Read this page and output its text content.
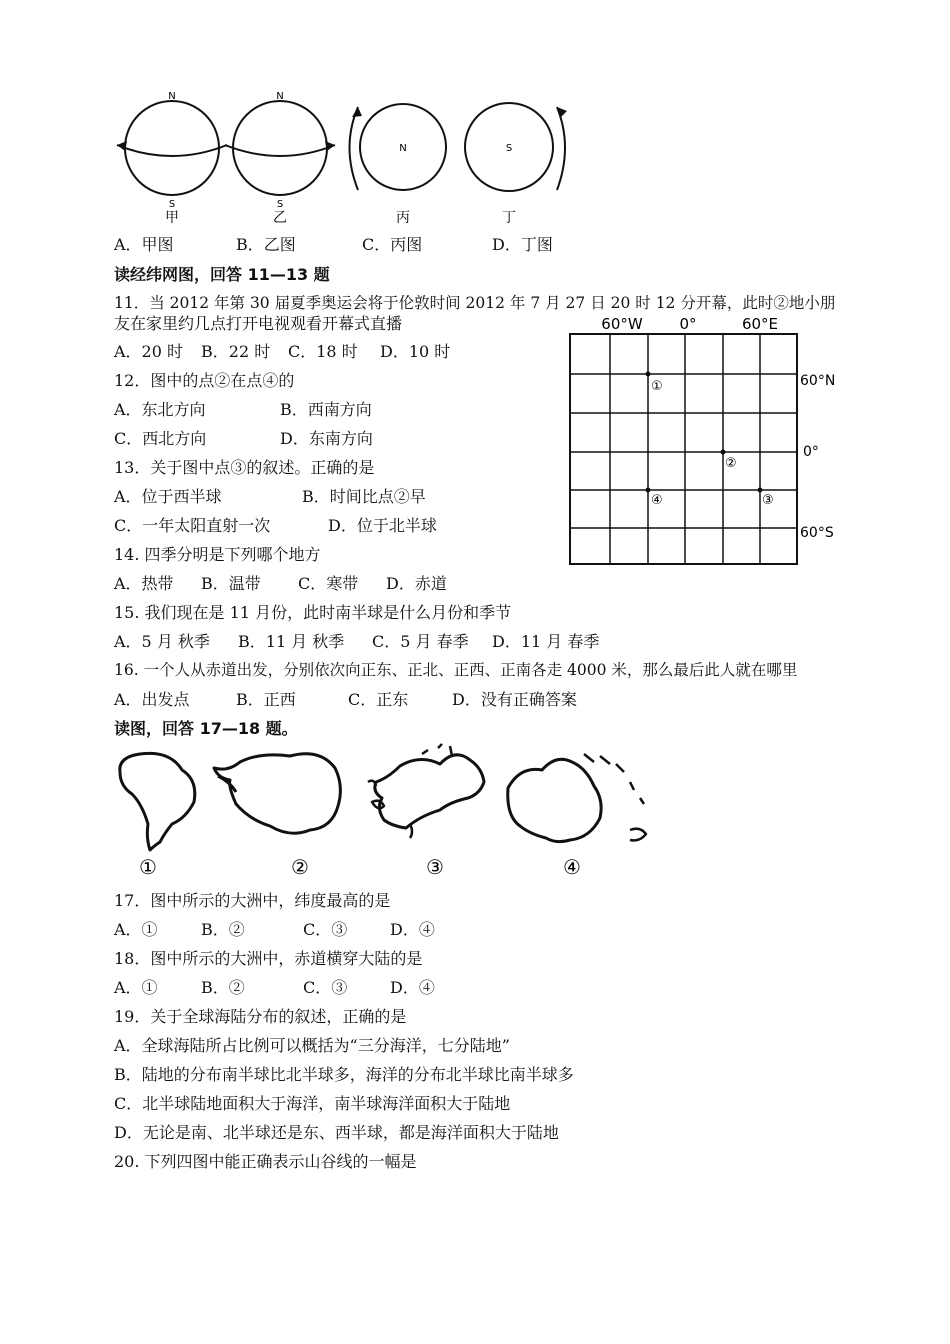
N
S
N
S
N	S
甲	乙	丙	丁
A．甲图	B．乙图	C．丙图	D．丁图
读经纬网图，回答 11—13 题
11．当 2012 年第 30 届夏季奥运会将于伦敦时间 2012 年 7 月 27 日 20 时 12 分开幕，此时②地小朋
友在家里约几点打开电视观看开幕式直播
A．20 时 B．22 时 C．18 时 D．10 时
12．图中的点②在点④的
A．东北方向	B．西南方向
C．西北方向	D．东南方向
13．关于图中点③的叙述。正确的是
A．位于西半球	B．时间比点②早
C．一年太阳直射一次	D．位于北半球
60°W 0°	60°E
60°N
0°
60°S
①
②
③
④
14. 四季分明是下列哪个地方
A．热带 B．温带 C．寒带 D．赤道
15. 我们现在是 11 月份，此时南半球是什么月份和季节
A．5 月 秋季 B．11 月 秋季 C．5 月 春季 D．11 月 春季
16. 一个人从赤道出发，分别依次向正东、正北、正西、正南各走 4000 米，那么最后此人就在哪里
A．出发点	B．正西	C．正东	D．没有正确答案
读图，回答 17—18 题。
①	②	③	④
17．图中所示的大洲中，纬度最高的是
A．①	B．②	C．③	D．④
18．图中所示的大洲中，赤道横穿大陆的是
A．①	B．②	C．③	D．④
19．关于全球海陆分布的叙述，正确的是
A．全球海陆所占比例可以概括为“三分海洋，七分陆地”
B．陆地的分布南半球比北半球多，海洋的分布北半球比南半球多
C．北半球陆地面积大于海洋，南半球海洋面积大于陆地
D．无论是南、北半球还是东、西半球，都是海洋面积大于陆地
20. 下列四图中能正确表示山谷线的一幅是
